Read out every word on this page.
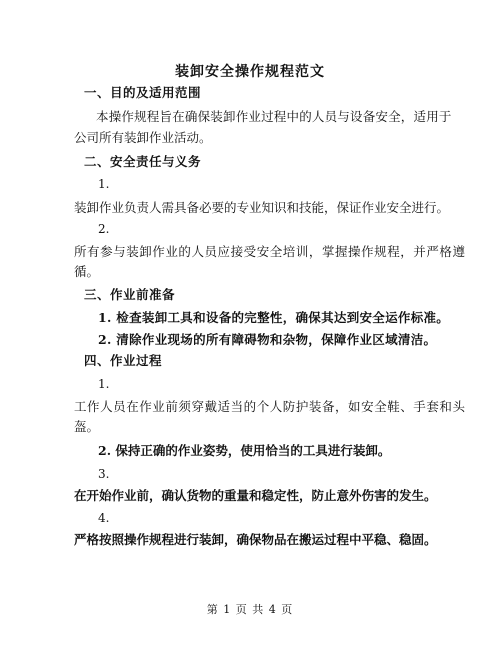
装卸安全操作规程范文
一、目的及适用范围
本操作规程旨在确保装卸作业过程中的人员与设备安全，适用于
公司所有装卸作业活动。
二、安全责任与义务
1.
装卸作业负责人需具备必要的专业知识和技能，保证作业安全进行。
2.
所有参与装卸作业的人员应接受安全培训，掌握操作规程，并严格遵
循。
三、作业前准备
1. 检查装卸工具和设备的完整性，确保其达到安全运作标准。
2. 清除作业现场的所有障碍物和杂物，保障作业区域清洁。
四、作业过程
1.
工作人员在作业前须穿戴适当的个人防护装备，如安全鞋、手套和头
盔。
2. 保持正确的作业姿势，使用恰当的工具进行装卸。
3.
在开始作业前，确认货物的重量和稳定性，防止意外伤害的发生。
4.
严格按照操作规程进行装卸，确保物品在搬运过程中平稳、稳固。
第 1 页 共 4 页
